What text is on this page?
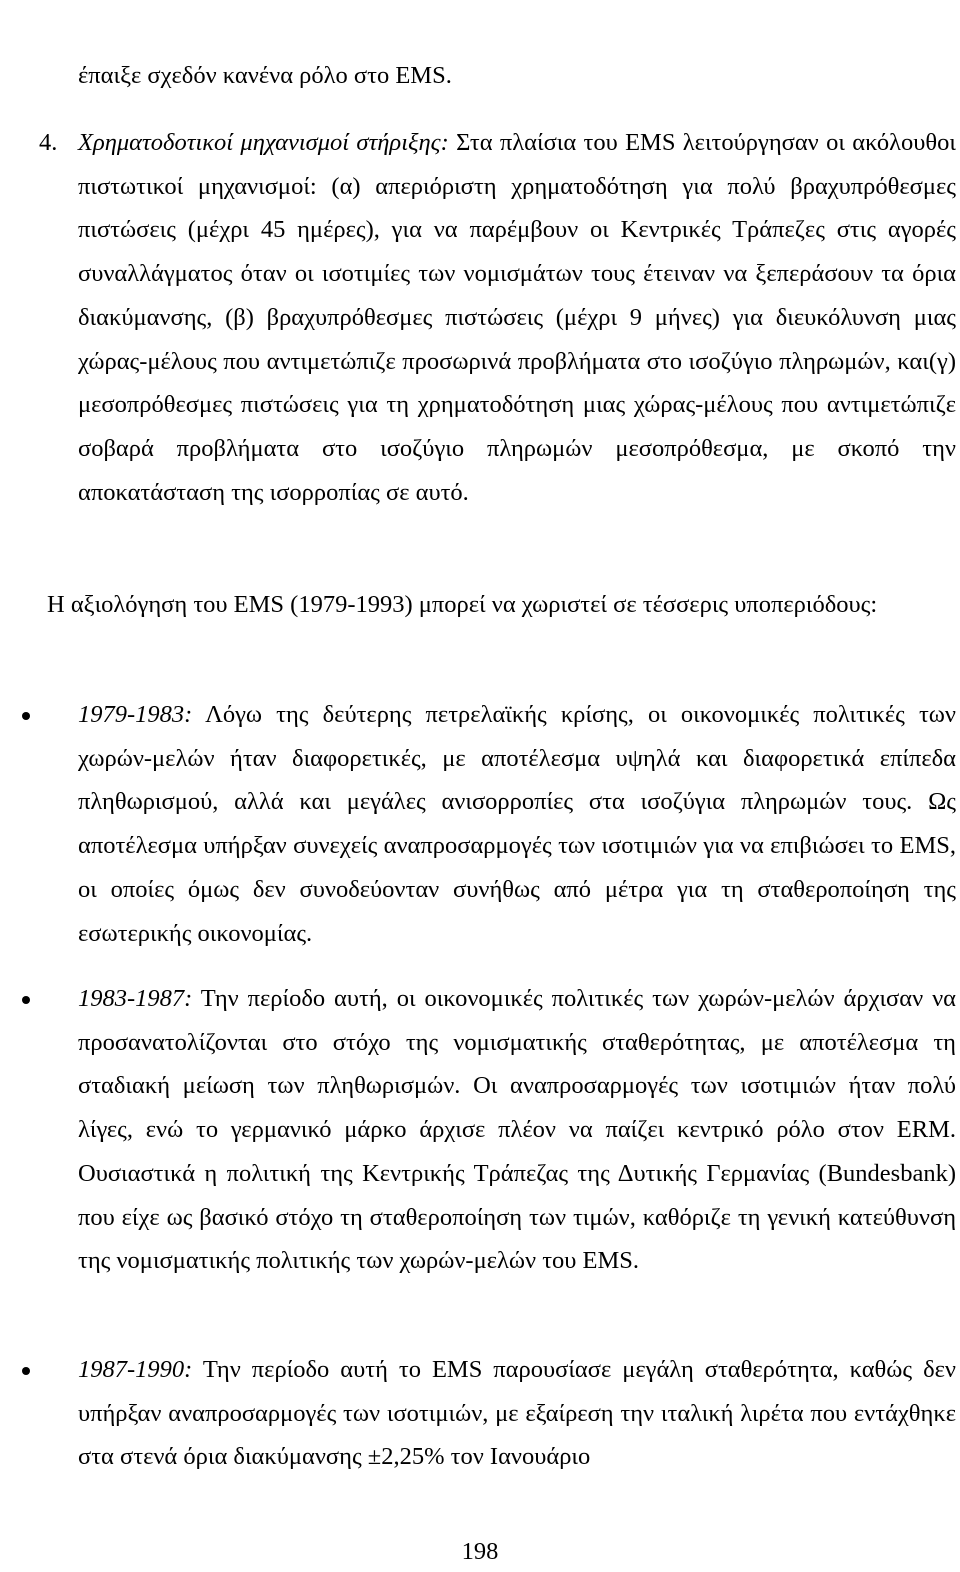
έπαιξε σχεδόν κανένα ρόλο στο EMS.
4. Χρηματοδοτικοί μηχανισμοί στήριξης: Στα πλαίσια του EMS λειτούργησαν οι ακόλουθοι πιστωτικοί μηχανισμοί: (α) απεριόριστη χρηματοδότηση για πολύ βραχυπρόθεσμες πιστώσεις (μέχρι 45 ημέρες), για να παρέμβουν οι Κεντρικές Τράπεζες στις αγορές συναλλάγματος όταν οι ισοτιμίες των νομισμάτων τους έτειναν να ξεπεράσουν τα όρια διακύμανσης, (β) βραχυπρόθεσμες πιστώσεις (μέχρι 9 μήνες) για διευκόλυνση μιας χώρας-μέλους που αντιμετώπιζε προσωρινά προβλήματα στο ισοζύγιο πληρωμών, και(γ) μεσοπρόθεσμες πιστώσεις για τη χρηματοδότηση μιας χώρας-μέλους που αντιμετώπιζε σοβαρά προβλήματα στο ισοζύγιο πληρωμών μεσοπρόθεσμα, με σκοπό την αποκατάσταση της ισορροπίας σε αυτό.
Η αξιολόγηση του EMS (1979-1993) μπορεί να χωριστεί σε τέσσερις υποπεριόδους:
1979-1983: Λόγω της δεύτερης πετρελαϊκής κρίσης, οι οικονομικές πολιτικές των χωρών-μελών ήταν διαφορετικές, με αποτέλεσμα υψηλά και διαφορετικά επίπεδα πληθωρισμού, αλλά και μεγάλες ανισορροπίες στα ισοζύγια πληρωμών τους. Ως αποτέλεσμα υπήρξαν συνεχείς αναπροσαρμογές των ισοτιμιών για να επιβιώσει το EMS, οι οποίες όμως δεν συνοδεύονταν συνήθως από μέτρα για τη σταθεροποίηση της εσωτερικής οικονομίας.
1983-1987: Την περίοδο αυτή, οι οικονομικές πολιτικές των χωρών-μελών άρχισαν να προσανατολίζονται στο στόχο της νομισματικής σταθερότητας, με αποτέλεσμα τη σταδιακή μείωση των πληθωρισμών. Οι αναπροσαρμογές των ισοτιμιών ήταν πολύ λίγες, ενώ το γερμανικό μάρκο άρχισε πλέον να παίζει κεντρικό ρόλο στον ERM. Ουσιαστικά η πολιτική της Κεντρικής Τράπεζας της Δυτικής Γερμανίας (Bundesbank) που είχε ως βασικό στόχο τη σταθεροποίηση των τιμών, καθόριζε τη γενική κατεύθυνση της νομισματικής πολιτικής των χωρών-μελών του EMS.
1987-1990: Την περίοδο αυτή το EMS παρουσίασε μεγάλη σταθερότητα, καθώς δεν υπήρξαν αναπροσαρμογές των ισοτιμιών, με εξαίρεση την ιταλική λιρέτα που εντάχθηκε στα στενά όρια διακύμανσης ±2,25% τον Ιανουάριο
198
